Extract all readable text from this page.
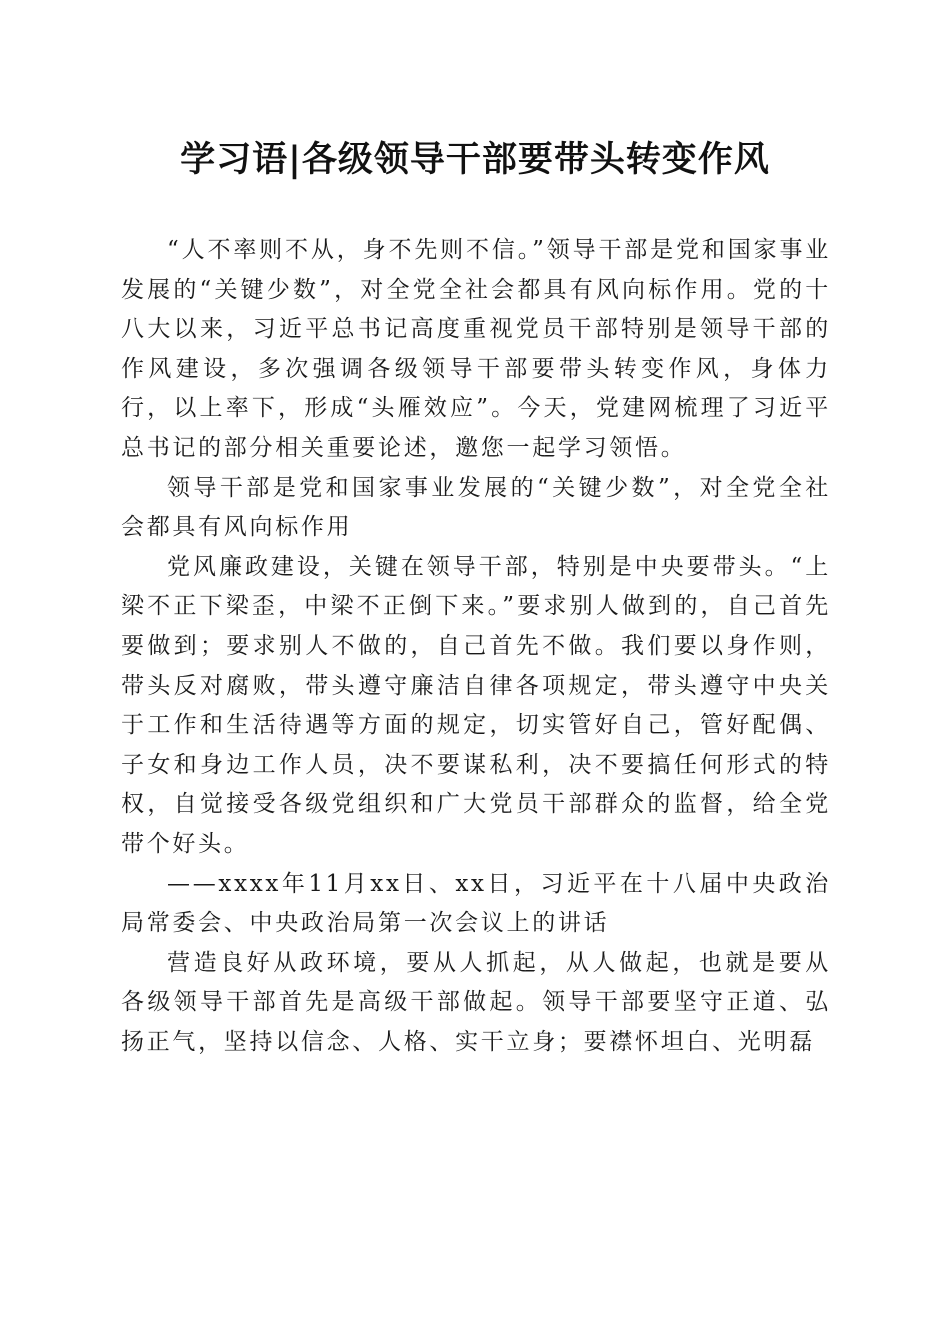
学习语|各级领导干部要带头转变作风

“人不率则不从，身不先则不信。”领导干部是党和国家事业发展的“关键少数”，对全党全社会都具有风向标作用。党的十八大以来，习近平总书记高度重视党员干部特别是领导干部的作风建设，多次强调各级领导干部要带头转变作风，身体力行，以上率下，形成“头雁效应”。今天，党建网梳理了习近平总书记的部分相关重要论述，邀您一起学习领悟。

领导干部是党和国家事业发展的“关键少数”，对全党全社会都具有风向标作用

党风廉政建设，关键在领导干部，特别是中央要带头。“上梁不正下梁歪，中梁不正倒下来。”要求别人做到的，自己首先要做到；要求别人不做的，自己首先不做。我们要以身作则，带头反对腐败，带头遵守廉洁自律各项规定，带头遵守中央关于工作和生活待遇等方面的规定，切实管好自己，管好配偶、子女和身边工作人员，决不要谋私利，决不要搞任何形式的特权，自觉接受各级党组织和广大党员干部群众的监督，给全党带个好头。

——xxxx年11月xx日、xx日，习近平在十八届中央政治局常委会、中央政治局第一次会议上的讲话

营造良好从政环境，要从人抓起，从人做起，也就是要从各级领导干部首先是高级干部做起。领导干部要坚守正道、弘扬正气，坚持以信念、人格、实干立身；要襟怀坦白、光明磊
